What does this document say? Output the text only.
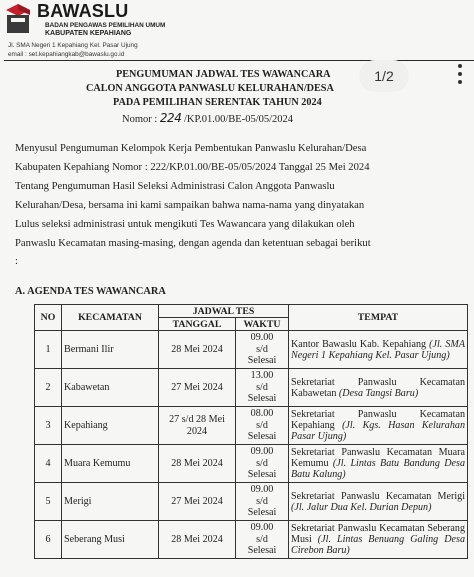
BAWASLU
BADAN PENGAWAS PEMILIHAN UMUM
KABUPATEN KEPAHIANG
Jl. SMA Negeri 1 Kepahiang Kel. Pasar Ujung
email : set.kepahiangkab@bawaslu.go.id
1/2
PENGUMUMAN JADWAL TES WAWANCARA
CALON ANGGOTA PANWASLU KELURAHAN/DESA
PADA PEMILIHAN SERENTAK TAHUN 2024
Nomor : 224 /KP.01.00/BE-05/05/2024
Menyusul Pengumuman Kelompok Kerja Pembentukan Panwaslu Kelurahan/Desa
Kabupaten Kepahiang Nomor : 222/KP.01.00/BE-05/05/2024 Tanggal 25 Mei 2024
Tentang Pengumuman Hasil Seleksi Administrasi Calon Anggota Panwaslu
Kelurahan/Desa, bersama ini kami sampaikan bahwa nama-nama yang dinyatakan
Lulus seleksi administrasi untuk mengikuti Tes Wawancara yang dilakukan oleh
Panwaslu Kecamatan masing-masing, dengan agenda dan ketentuan sebagai berikut
:
A. AGENDA TES WAWANCARA
NO	KECAMATAN	JADWAL TES		TEMPAT
		TANGGAL	WAKTU	
1	Bermani Ilir	28 Mei 2024	09.00
s/d
Selesai	Kantor Bawaslu Kab. Kepahiang (Jl. SMA Negeri 1 Kepahiang Kel. Pasar Ujung)

2	Kabawetan	27 Mei 2024	13.00
s/d
Selesai	Sekretariat Panwaslu Kecamatan Kabawetan (Desa Tangsi Baru)

3	Kepahiang	27 s/d 28 Mei 2024	08.00
s/d
Selesai	Sekretariat Panwaslu Kecamatan Kepahiang (Jl. Kgs. Hasan Kelurahan Pasar Ujung)

4	Muara Kemumu	28 Mei 2024	09.00
s/d
Selesai	Sekretariat Panwaslu Kecamatan Muara Kemumu (Jl. Lintas Batu Bandung Desa Batu Kalung)

5	Merigi	27 Mei 2024	09.00
s/d
Selesai	Sekretariat Panwaslu Kecamatan Merigi (Jl. Jalur Dua Kel. Durian Depun)

6	Seberang Musi	28 Mei 2024	09.00
s/d
Selesai	Sekretariat Panwaslu Kecamatan Seberang Musi (Jl. Lintas Benuang Galing Desa Cirebon Baru)
